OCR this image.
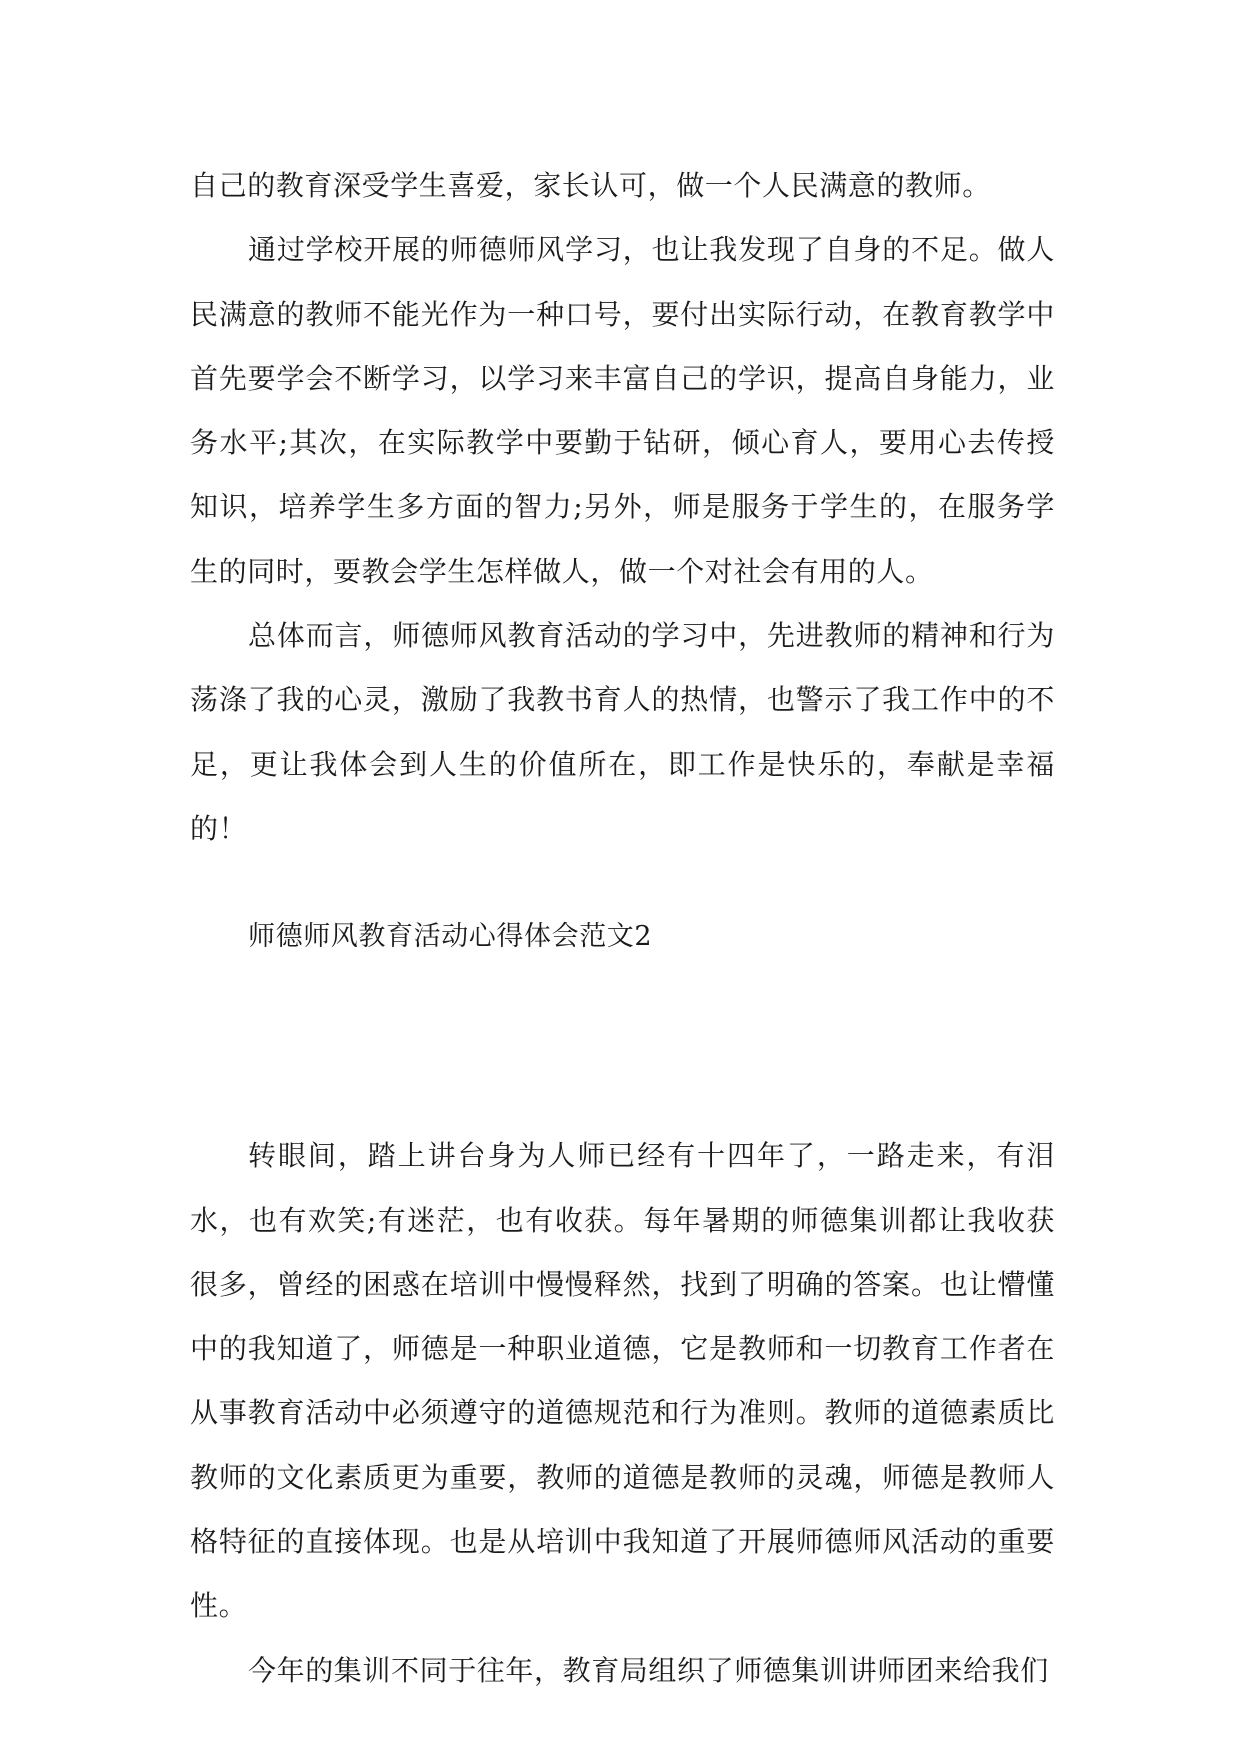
自己的教育深受学生喜爱，家长认可，做一个人民满意的教师。

通过学校开展的师德师风学习，也让我发现了自身的不足。做人民满意的教师不能光作为一种口号，要付出实际行动，在教育教学中首先要学会不断学习，以学习来丰富自己的学识，提高自身能力，业务水平;其次，在实际教学中要勤于钻研，倾心育人，要用心去传授知识，培养学生多方面的智力;另外，师是服务于学生的，在服务学生的同时，要教会学生怎样做人，做一个对社会有用的人。

总体而言，师德师风教育活动的学习中，先进教师的精神和行为荡涤了我的心灵，激励了我教书育人的热情，也警示了我工作中的不足，更让我体会到人生的价值所在，即工作是快乐的，奉献是幸福的！

师德师风教育活动心得体会范文2

转眼间，踏上讲台身为人师已经有十四年了，一路走来，有泪水，也有欢笑;有迷茫，也有收获。每年暑期的师德集训都让我收获很多，曾经的困惑在培训中慢慢释然，找到了明确的答案。也让懵懂中的我知道了，师德是一种职业道德，它是教师和一切教育工作者在从事教育活动中必须遵守的道德规范和行为准则。教师的道德素质比教师的文化素质更为重要，教师的道德是教师的灵魂，师德是教师人格特征的直接体现。也是从培训中我知道了开展师德师风活动的重要性。

今年的集训不同于往年，教育局组织了师德集训讲师团来给我们
